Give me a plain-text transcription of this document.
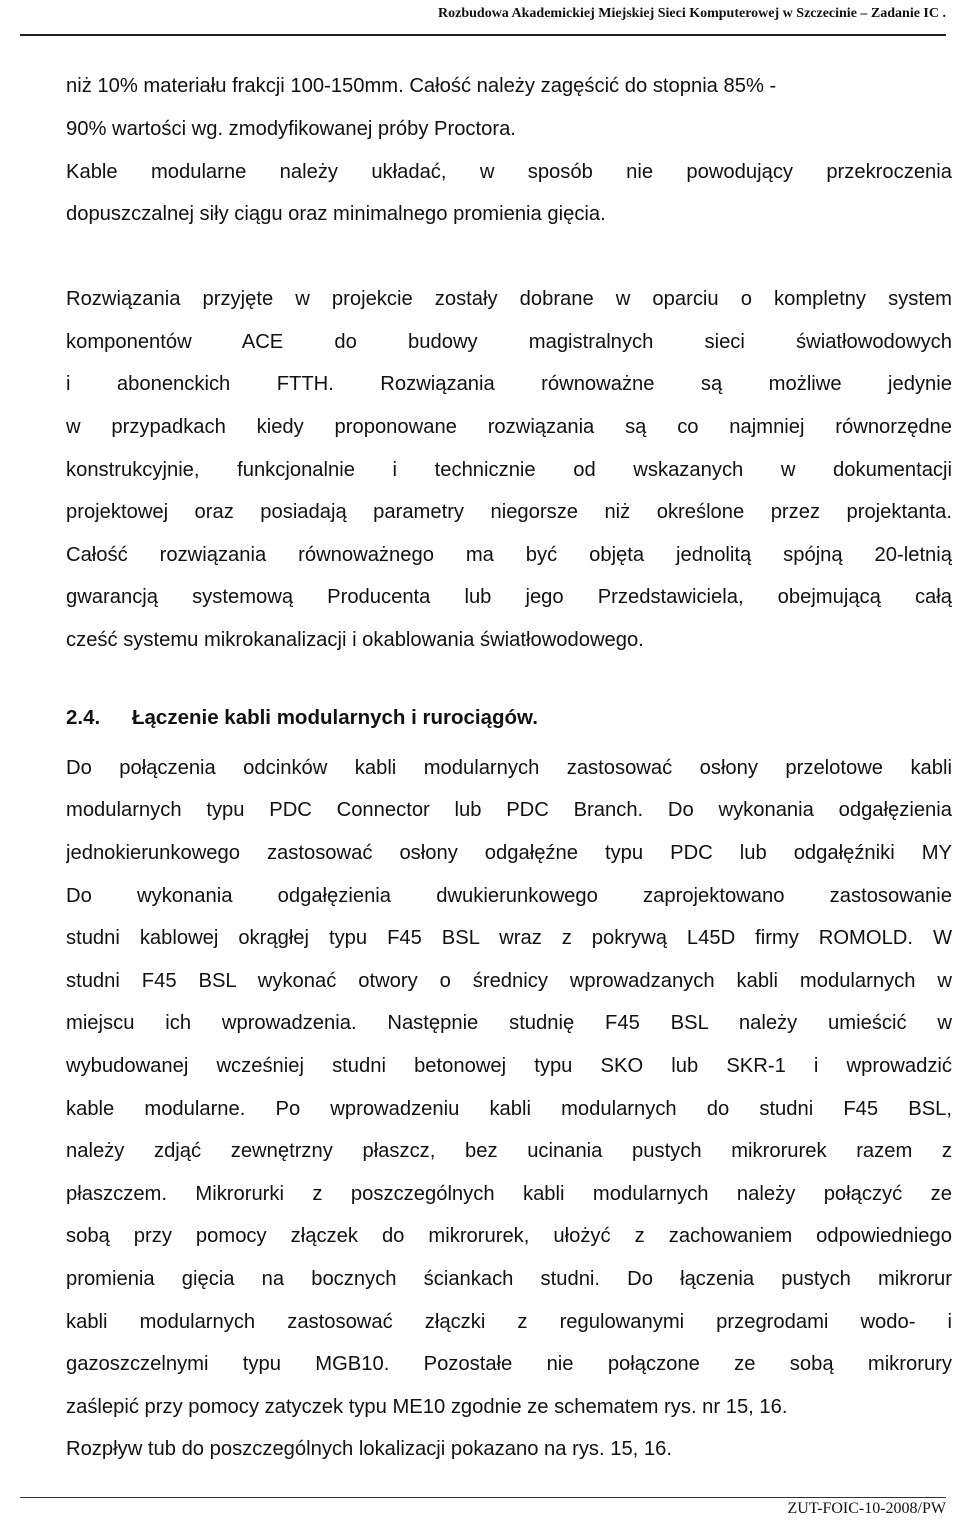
Rozbudowa Akademickiej Miejskiej Sieci Komputerowej w Szczecinie – Zadanie IC .
niż 10% materiału frakcji 100-150mm. Całość należy zagęścić do stopnia 85% -
90% wartości wg. zmodyfikowanej próby Proctora.
Kable modularne należy układać, w sposób nie powodujący przekroczenia
dopuszczalnej siły ciągu oraz minimalnego promienia gięcia.
Rozwiązania przyjęte w projekcie zostały dobrane w oparciu o kompletny system
komponentów ACE do budowy magistralnych sieci światłowodowych
i abonenckich FTTH. Rozwiązania równoważne są możliwe jedynie
w przypadkach kiedy proponowane rozwiązania są co najmniej równorzędne
konstrukcyjnie, funkcjonalnie i technicznie od wskazanych w dokumentacji
projektowej oraz posiadają parametry niegorsze niż określone przez projektanta.
Całość rozwiązania równoważnego ma być objęta jednolitą spójną 20-letnią
gwarancją systemową Producenta lub jego Przedstawiciela, obejmującą całą
cześć systemu mikrokanalizacji i okablowania światłowodowego.
2.4. Łączenie kabli modularnych i rurociągów.
Do połączenia odcinków kabli modularnych zastosować osłony przelotowe kabli
modularnych typu PDC Connector lub PDC Branch. Do wykonania odgałęzienia
jednokierunkowego zastosować osłony odgałęźne typu PDC lub odgałęźniki MY
Do wykonania odgałęzienia dwukierunkowego zaprojektowano zastosowanie
studni kablowej okrągłej typu F45 BSL wraz z pokrywą L45D firmy ROMOLD. W
studni F45 BSL wykonać otwory o średnicy wprowadzanych kabli modularnych w
miejscu ich wprowadzenia. Następnie studnię F45 BSL należy umieścić w
wybudowanej wcześniej studni betonowej typu SKO lub SKR-1 i wprowadzić
kable modularne. Po wprowadzeniu kabli modularnych do studni F45 BSL,
należy zdjąć zewnętrzny płaszcz, bez ucinania pustych mikrorurek razem z
płaszczem. Mikrorurki z poszczególnych kabli modularnych należy połączyć ze
sobą przy pomocy złączek do mikrorurek, ułożyć z zachowaniem odpowiedniego
promienia gięcia na bocznych ściankach studni. Do łączenia pustych mikrorur
kabli modularnych zastosować złączki z regulowanymi przegrodami wodo- i
gazoszczelnymi typu MGB10. Pozostałe nie połączone ze sobą mikrorury
zaślepić przy pomocy zatyczek typu ME10 zgodnie ze schematem rys. nr 15, 16.
Rozpływ tub do poszczególnych lokalizacji pokazano na rys. 15, 16.
ZUT-FOIC-10-2008/PW
